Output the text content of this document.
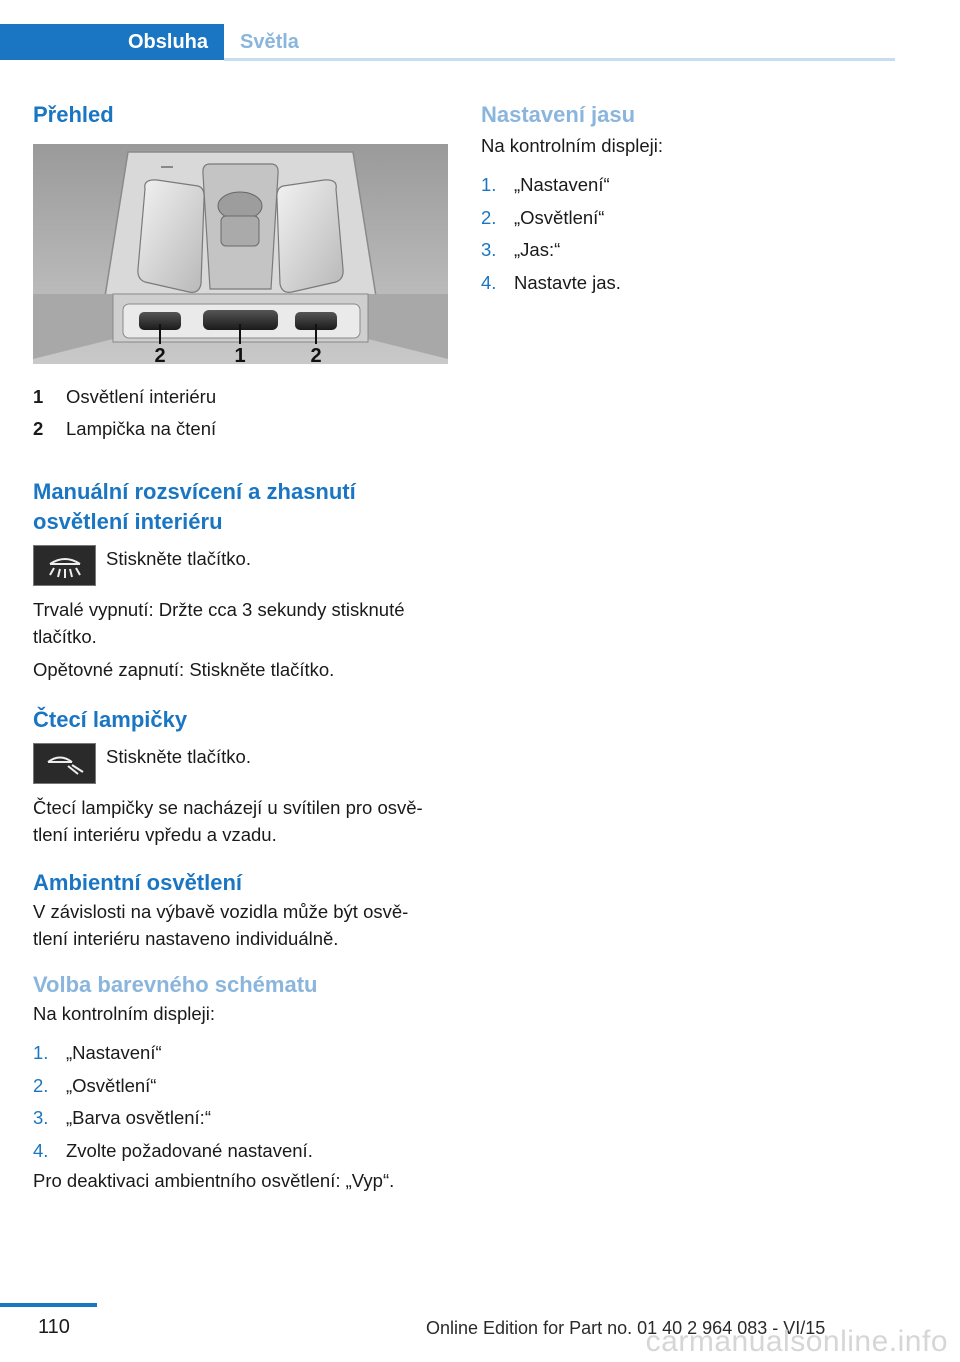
Obsluha	Světla
Přehled
2	1	2
1	Osvětlení interiéru
2	Lampička na čtení
Manuální rozsvícení a zhasnutí osvětlení interiéru

Stiskněte tlačítko.

Trvalé vypnutí: Držte cca 3 sekundy stisknuté tlačítko.

Opětovné zapnutí: Stiskněte tlačítko.

Čtecí lampičky

Stiskněte tlačítko.

Čtecí lampičky se nacházejí u svítilen pro osvě- tlení interiéru vpředu a vzadu.

Ambientní osvětlení

V závislosti na výbavě vozidla může být osvě- tlení interiéru nastaveno individuálně.

Volba barevného schématu

Na kontrolním displeji:

1. „Nastavení“
2. „Osvětlení“
3. „Barva osvětlení:“
4. Zvolte požadované nastavení.

Pro deaktivaci ambientního osvětlení: „Vyp“.

Nastavení jasu

Na kontrolním displeji:

1. „Nastavení“
2. „Osvětlení“
3. „Jas:“
4. Nastavte jas.
110	Online Edition for Part no. 01 40 2 964 083 - VI/15
carmanualsonline.info
